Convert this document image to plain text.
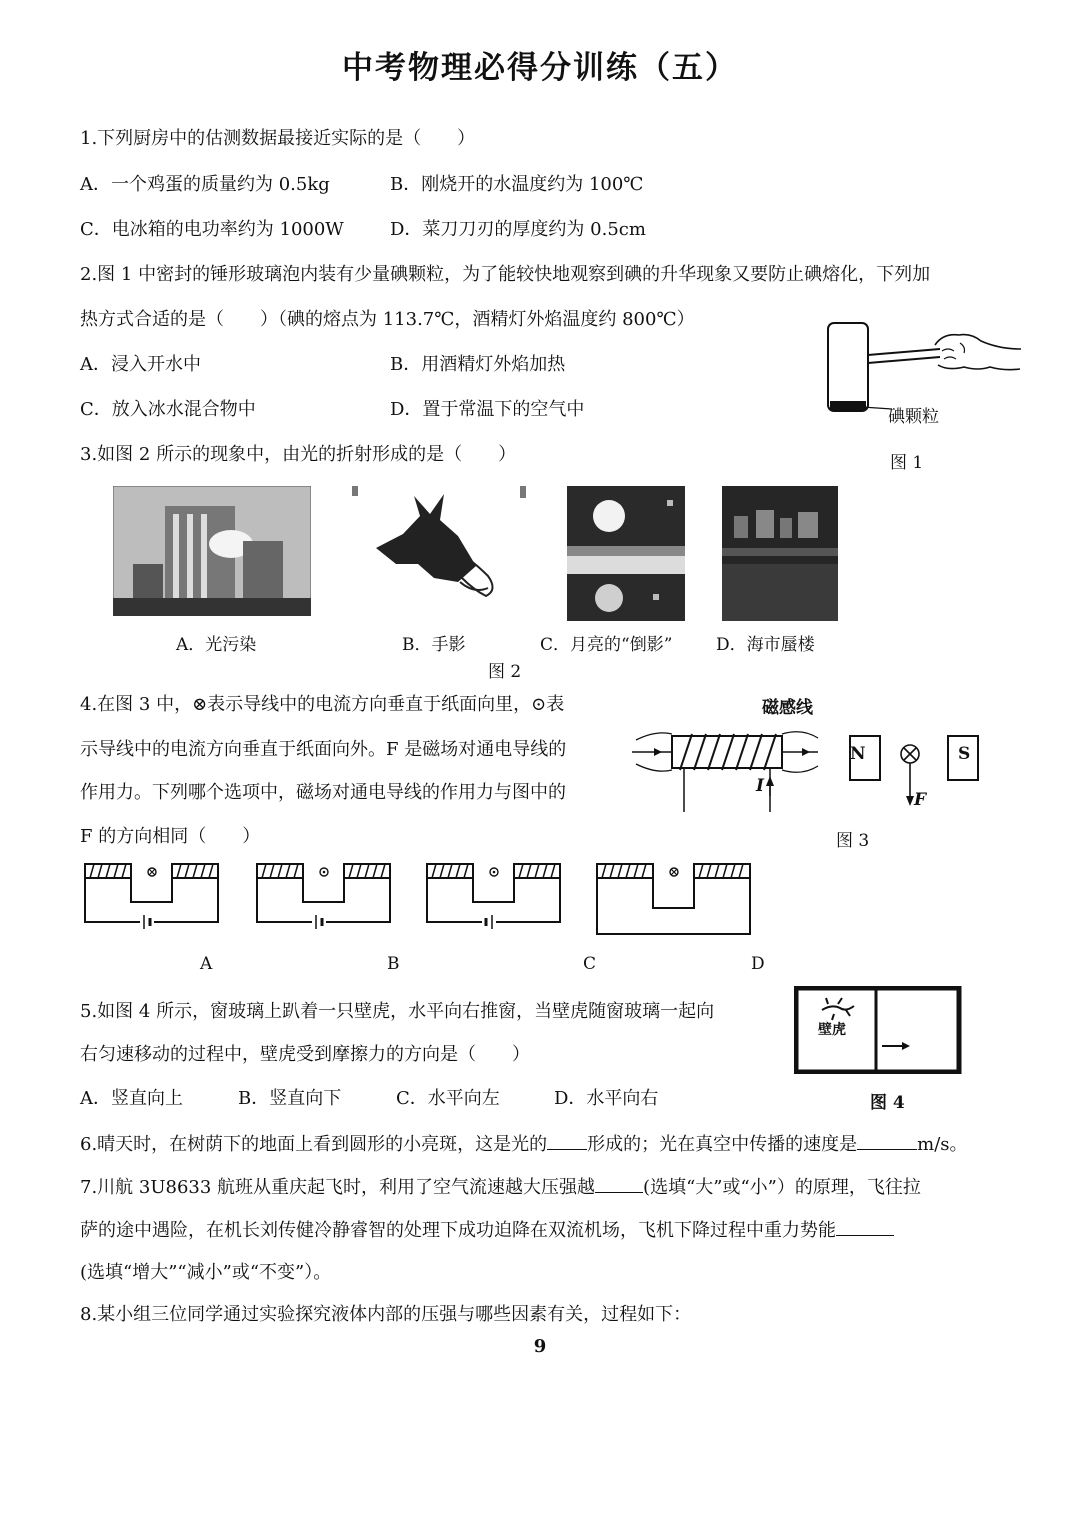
中考物理必得分训练（五）
1.下列厨房中的估测数据最接近实际的是（　　）
A．一个鸡蛋的质量约为 0.5kg	B．刚烧开的水温度约为 100℃
C．电冰箱的电功率约为 1000W	D．菜刀刀刃的厚度约为 0.5cm
2.图 1 中密封的锤形玻璃泡内装有少量碘颗粒，为了能较快地观察到碘的升华现象又要防止碘熔化，下列加
热方式合适的是（　　）（碘的熔点为 113.7℃，酒精灯外焰温度约 800℃）
A．浸入开水中	B．用酒精灯外焰加热
C．放入冰水混合物中	D．置于常温下的空气中	碘颗粒
图 1
3.如图 2 所示的现象中，由光的折射形成的是（　　）
A．光污染	B．手影	C．月亮的“倒影”	D．海市蜃楼
图 2
4.在图 3 中，⊗表示导线中的电流方向垂直于纸面向里，⊙表
示导线中的电流方向垂直于纸面向外。F 是磁场对通电导线的
作用力。下列哪个选项中，磁场对通电导线的作用力与图中的
F 的方向相同（　　）
磁感线
I
N	S
F
图 3
A	B	C	D
5.如图 4 所示，窗玻璃上趴着一只壁虎，水平向右推窗，当壁虎随窗玻璃一起向
右匀速移动的过程中，壁虎受到摩擦力的方向是（　　）
A．竖直向上	B．竖直向下	C．水平向左	D．水平向右
壁虎
图 4
6.晴天时，在树荫下的地面上看到圆形的小亮斑，这是光的 形成的；光在真空中传播的速度是	m/s。
7.川航 3U8633 航班从重庆起飞时，利用了空气流速越大压强越	(选填“大”或“小”）的原理，飞往拉
萨的途中遇险，在机长刘传健冷静睿智的处理下成功迫降在双流机场，飞机下降过程中重力势能
(选填“增大”“减小”或“不变”）。
8.某小组三位同学通过实验探究液体内部的压强与哪些因素有关，过程如下：
9
